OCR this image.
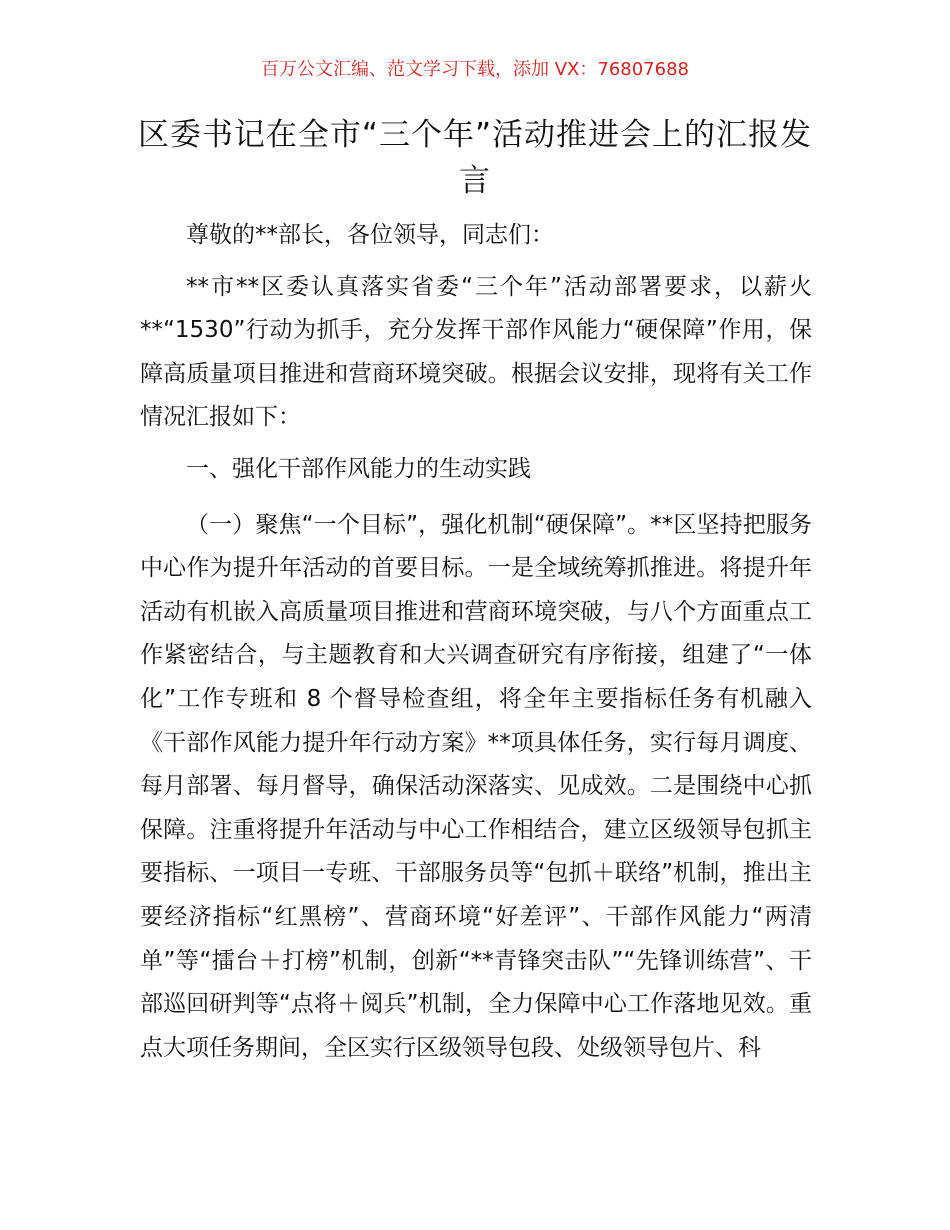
百万公文汇编、范文学习下载，添加 VX：76807688
区委书记在全市“三个年”活动推进会上的汇报发言

尊敬的**部长，各位领导，同志们：

**市**区委认真落实省委“三个年”活动部署要求，以薪火**“1530”行动为抓手，充分发挥干部作风能力“硬保障”作用，保障高质量项目推进和营商环境突破。根据会议安排，现将有关工作情况汇报如下：

一、强化干部作风能力的生动实践

（一）聚焦“一个目标”，强化机制“硬保障”。**区坚持把服务中心作为提升年活动的首要目标。一是全域统筹抓推进。将提升年活动有机嵌入高质量项目推进和营商环境突破，与八个方面重点工作紧密结合，与主题教育和大兴调查研究有序衔接，组建了“一体化”工作专班和 8 个督导检查组，将全年主要指标任务有机融入《干部作风能力提升年行动方案》**项具体任务，实行每月调度、每月部署、每月督导，确保活动深落实、见成效。二是围绕中心抓保障。注重将提升年活动与中心工作相结合，建立区级领导包抓主要指标、一项目一专班、干部服务员等“包抓＋联络”机制，推出主要经济指标“红黑榜”、营商环境“好差评”、干部作风能力“两清单”等“擂台＋打榜”机制，创新“**青锋突击队”“先锋训练营”、干部巡回研判等“点将＋阅兵”机制，全力保障中心工作落地见效。重点大项任务期间，全区实行区级领导包段、处级领导包片、科
